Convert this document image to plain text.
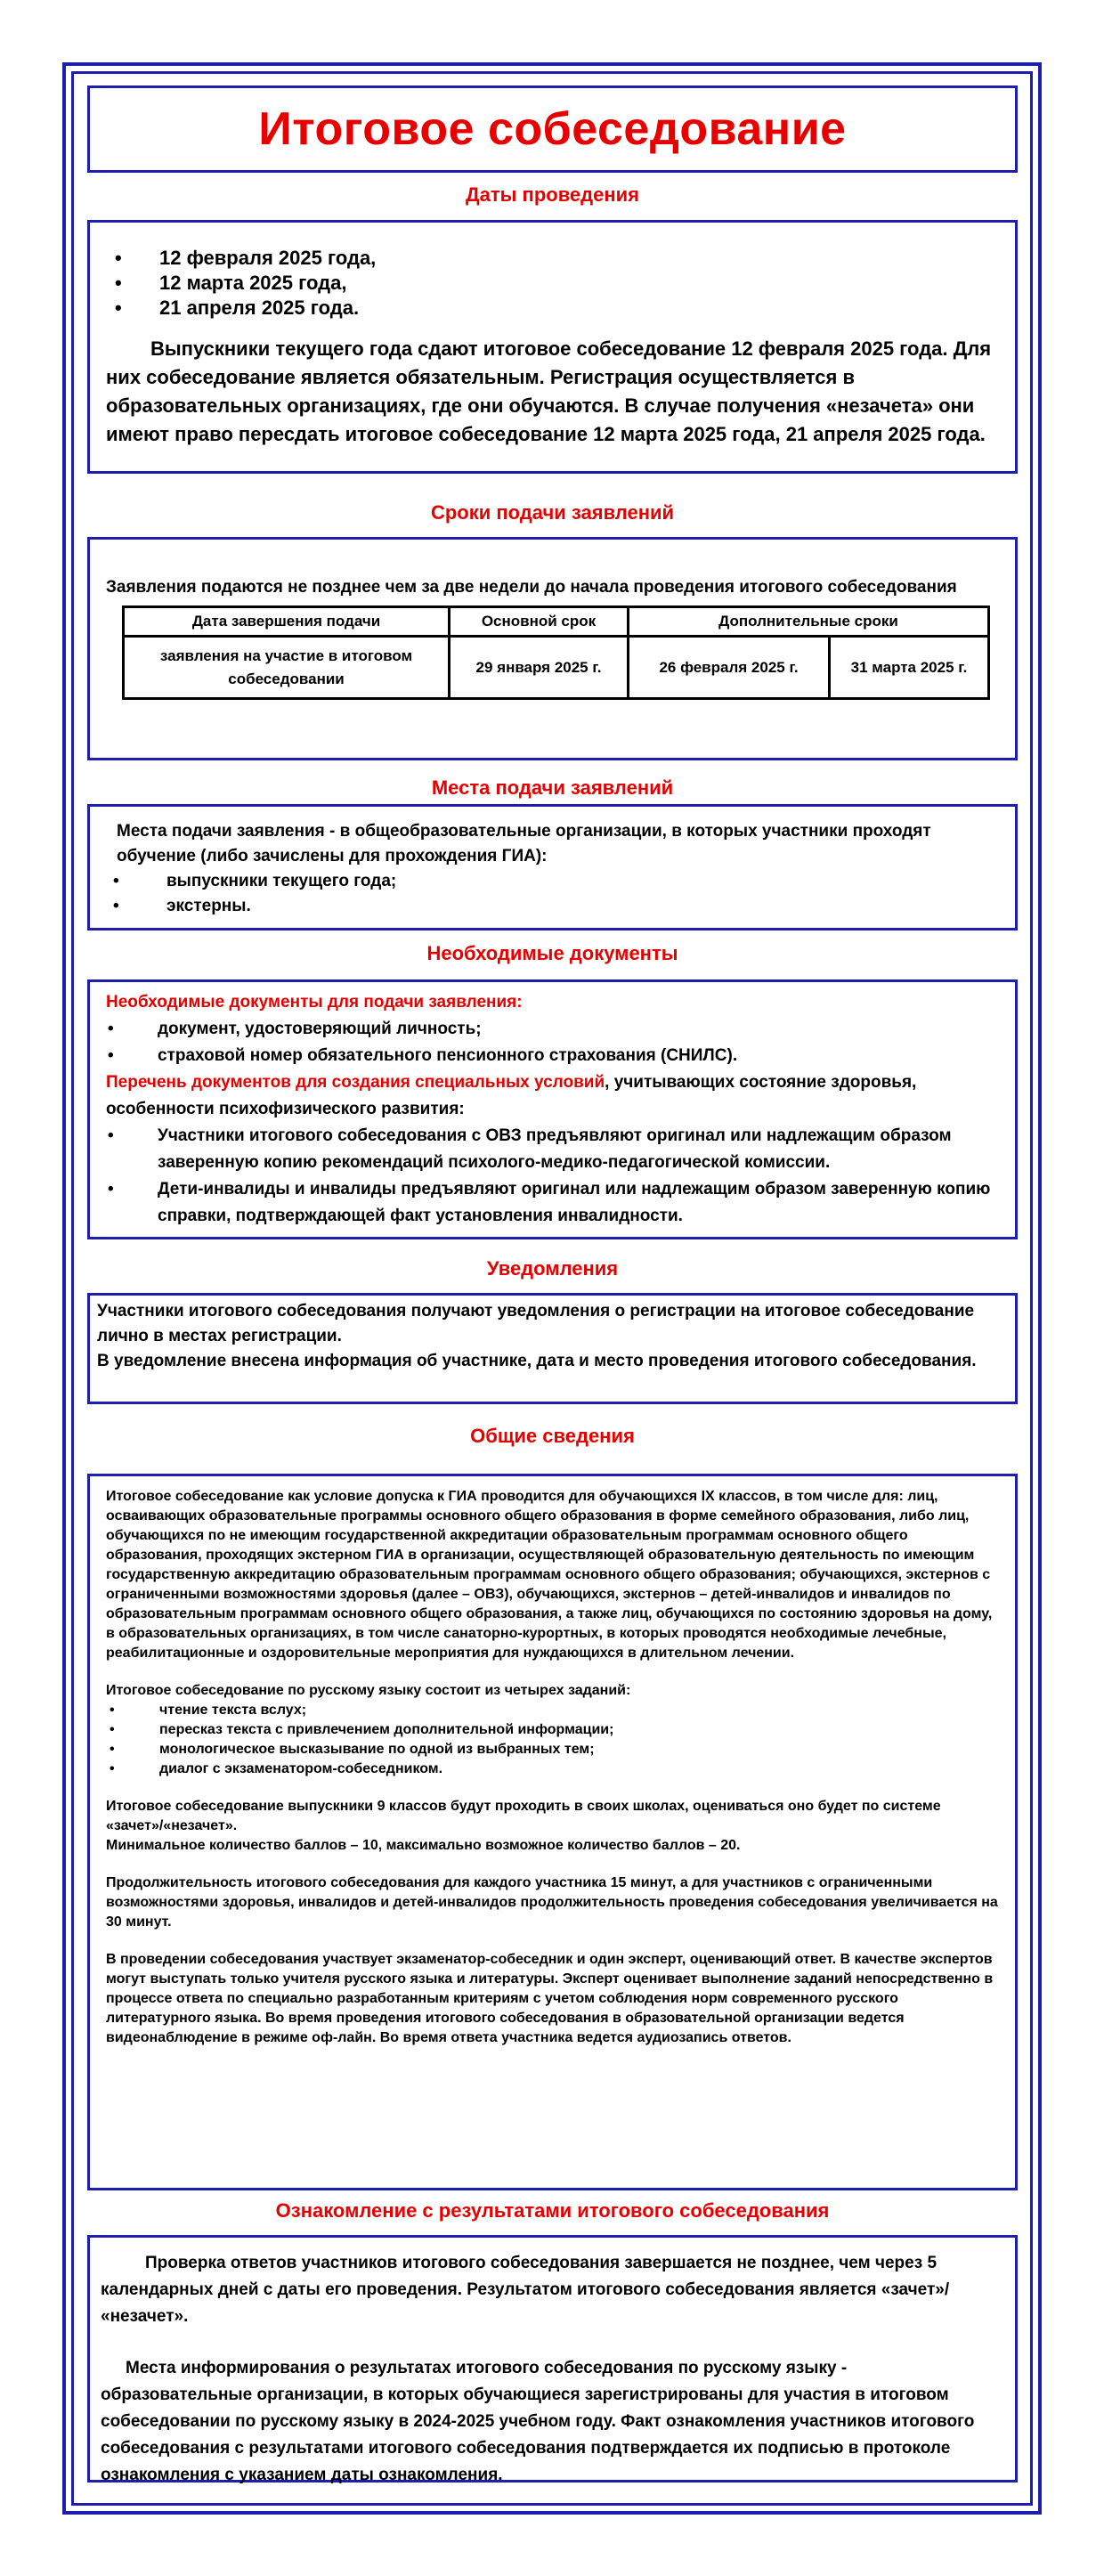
Итоговое собеседование
Даты проведения
• 12 февраля 2025 года,
• 12 марта 2025 года,
• 21 апреля 2025 года.

Выпускники текущего года сдают итоговое собеседование 12 февраля 2025 года. Для них собеседование является обязательным. Регистрация осуществляется в образовательных организациях, где они обучаются. В случае получения «незачета» они имеют право пересдать итоговое собеседование 12 марта 2025 года, 21 апреля 2025 года.

Сроки подачи заявлений

Заявления подаются не позднее чем за две недели до начала проведения итогового собеседования

Дата завершения подачи	Основной срок	Дополнительные сроки	
заявления на участие в итоговом собеседовании	29 января 2025 г.	26 февраля 2025 г.	31 марта 2025 г.
Места подачи заявлений

Места подачи заявления - в общеобразовательные организации, в которых участники проходят обучение (либо зачислены для прохождения ГИА):

• выпускники текущего года;
• экстерны.
Необходимые документы

Необходимые документы для подачи заявления:

• документ, удостоверяющий личность;
• страховой номер обязательного пенсионного страхования (СНИЛС).

Перечень документов для создания специальных условий, учитывающих состояние здоровья, особенности психофизического развития:

• Участники итогового собеседования с ОВЗ предъявляют оригинал или надлежащим образом заверенную копию рекомендаций психолого-медико-педагогической комиссии.
• Дети-инвалиды и инвалиды предъявляют оригинал или надлежащим образом заверенную копию справки, подтверждающей факт установления инвалидности.
Уведомления

Участники итогового собеседования получают уведомления о регистрации на итоговое собеседование лично в местах регистрации.

В уведомление внесена информация об участнике, дата и место проведения итогового собеседования.

Общие сведения

Итоговое собеседование как условие допуска к ГИА проводится для обучающихся IX классов, в том числе для: лиц, осваивающих образовательные программы основного общего образования в форме семейного образования, либо лиц, обучающихся по не имеющим государственной аккредитации образовательным программам основного общего образования, проходящих экстерном ГИА в организации, осуществляющей образовательную деятельность по имеющим государственную аккредитацию образовательным программам основного общего образования; обучающихся, экстернов с ограниченными возможностями здоровья (далее – ОВЗ), обучающихся, экстернов – детей-инвалидов и инвалидов по образовательным программам основного общего образования, а также лиц, обучающихся по состоянию здоровья на дому, в образовательных организациях, в том числе санаторно-курортных, в которых проводятся необходимые лечебные, реабилитационные и оздоровительные мероприятия для нуждающихся в длительном лечении.

Итоговое собеседование по русскому языку состоит из четырех заданий:

• чтение текста вслух;
• пересказ текста с привлечением дополнительной информации;
• монологическое высказывание по одной из выбранных тем;
• диалог с экзаменатором-собеседником.

Итоговое собеседование выпускники 9 классов будут проходить в своих школах, оцениваться оно будет по системе «зачет»/«незачет».
Минимальное количество баллов – 10, максимально возможное количество баллов – 20.

Продолжительность итогового собеседования для каждого участника 15 минут, а для участников с ограниченными возможностями здоровья, инвалидов и детей-инвалидов продолжительность проведения собеседования увеличивается на 30 минут.

В проведении собеседования участвует экзаменатор-собеседник и один эксперт, оценивающий ответ. В качестве экспертов могут выступать только учителя русского языка и литературы. Эксперт оценивает выполнение заданий непосредственно в процессе ответа по специально разработанным критериям с учетом соблюдения норм современного русского литературного языка. Во время проведения итогового собеседования в образовательной организации ведется видеонаблюдение в режиме оф-лайн. Во время ответа участника ведется аудиозапись ответов.

Ознакомление с результатами итогового собеседования

Проверка ответов участников итогового собеседования завершается не позднее, чем через 5 календарных дней с даты его проведения. Результатом итогового собеседования является «зачет»/ «незачет».

Места информирования о результатах итогового собеседования по русскому языку - образовательные организации, в которых обучающиеся зарегистрированы для участия в итоговом собеседовании по русскому языку в 2024-2025 учебном году. Факт ознакомления участников итогового собеседования с результатами итогового собеседования подтверждается их подписью в протоколе ознакомления с указанием даты ознакомления.
